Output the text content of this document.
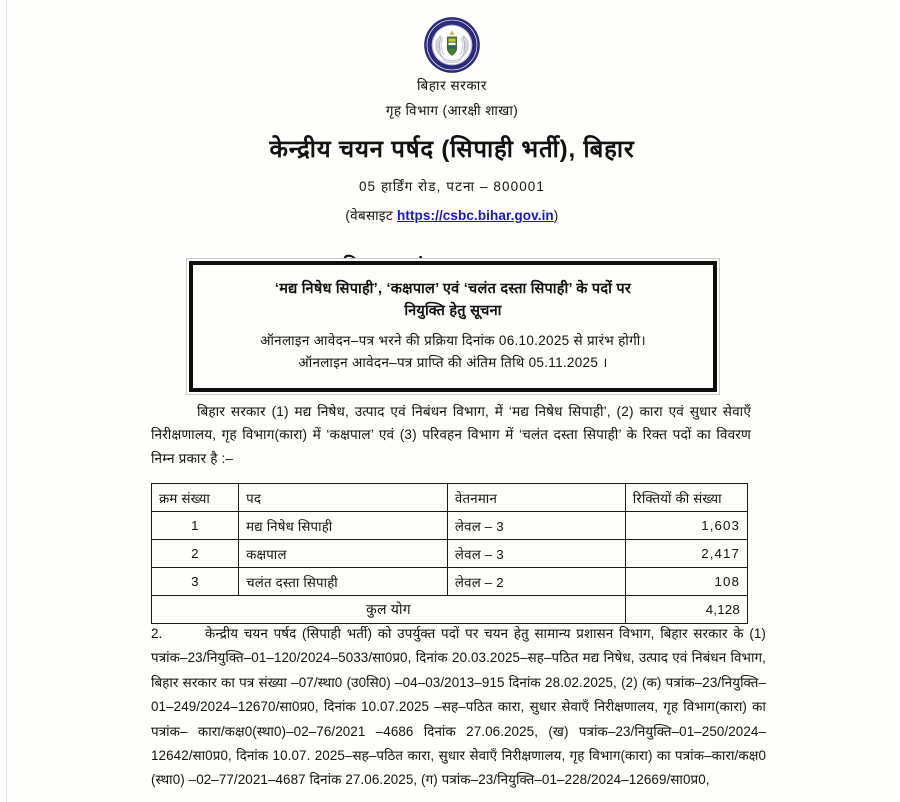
बिहार सरकार
गृह विभाग (आरक्षी शाखा)
केन्द्रीय चयन पर्षद (सिपाही भर्ती), बिहार
05 हार्डिंग रोड, पटना – 800001
(वेबसाइट https://csbc.bihar.gov.in)
‘मद्य निषेध सिपाही’, ‘कक्षपाल’ एवं ‘चलंत दस्ता सिपाही’ के पदों पर
नियुक्ति हेतु सूचना
ऑनलाइन आवेदन–पत्र भरने की प्रक्रिया दिनांक 06.10.2025 से प्रारंभ होगी।
ऑनलाइन आवेदन–पत्र प्राप्ति की अंतिम तिथि 05.11.2025 ।
बिहार सरकार (1) मद्य निषेध, उत्पाद एवं निबंधन विभाग, में ‘मद्य निषेध सिपाही’, (2) कारा एवं सुधार सेवाएँ निरीक्षणालय, गृह विभाग(कारा) में ‘कक्षपाल’ एवं (3) परिवहन विभाग में ‘चलंत दस्ता सिपाही’ के रिक्त पदों का विवरण निम्न प्रकार है :–
क्रम संख्या	पद	वेतनमान	रिक्तियों की संख्या
1	मद्य निषेध सिपाही	लेवल – 3	1,603
2	कक्षपाल	लेवल – 3	2,417
3	चलंत दस्ता सिपाही	लेवल – 2	108
कुल योग			4,128
2.	केन्द्रीय चयन पर्षद (सिपाही भर्ती) को उपर्युक्त पदों पर चयन हेतु सामान्य प्रशासन विभाग, बिहार सरकार के (1) पत्रांक–23/नियुक्ति–01–120/2024–5033/सा0प्र0, दिनांक 20.03.2025–सह–पठित मद्य निषेध, उत्पाद एवं निबंधन विभाग, बिहार सरकार का पत्र संख्या –07/स्था0 (उ0सि0) –04–03/2013–915 दिनांक 28.02.2025, (2) (क) पत्रांक–23/नियुक्ति–01–249/2024–12670/सा0प्र0, दिनांक 10.07.2025 –सह–पठित कारा, सुधार सेवाएँ निरीक्षणालय, गृह विभाग(कारा) का पत्रांक– कारा/कक्ष0(स्था0)–02–76/2021 –4686 दिनांक 27.06.2025, (ख) पत्रांक–23/नियुक्ति–01–250/2024–12642/सा0प्र0, दिनांक 10.07. 2025–सह–पठित कारा, सुधार सेवाएँ निरीक्षणालय, गृह विभाग(कारा) का पत्रांक–कारा/कक्ष0 (स्था0) –02–77/2021–4687 दिनांक 27.06.2025, (ग) पत्रांक–23/नियुक्ति–01–228/2024–12669/सा0प्र0,
